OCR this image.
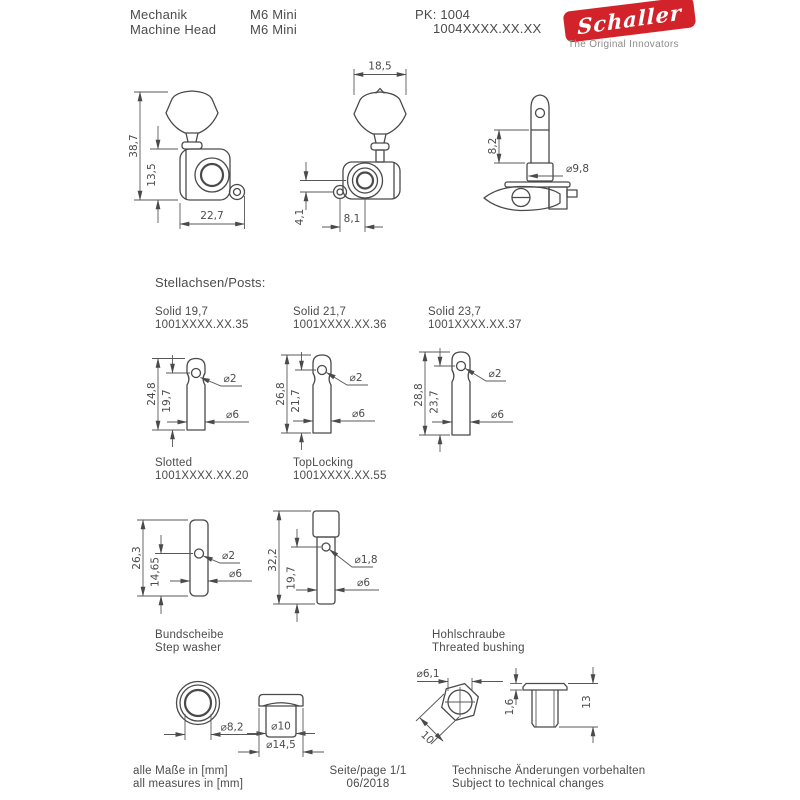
Mechanik
Machine Head
M6 Mini
M6 Mini
PK: 1004
1004XXXX.XX.XX Schaller
The Original Innovators
38,7
13,5
22,7
18,5
4,1	8,1
8,2
⌀9,8
⌀2
24,8 19,7
⌀6
⌀2
26,8 21,7
⌀6
⌀2
28,8 23,7
⌀6
⌀2
26,3 14,65	⌀6
⌀1,8
32,2
19,7	⌀6
⌀8,2	⌀10
⌀14,5
⌀6,1
10
1,6	13
Stellachsen/Posts:
Solid 19,7
1001XXXX.XX.35
Solid 21,7
1001XXXX.XX.36
Solid 23,7
1001XXXX.XX.37
Slotted
1001XXXX.XX.20
TopLocking
1001XXXX.XX.55
Bundscheibe
Step washer
Hohlschraube
Threated bushing
alle Maße in [mm]
all measures in [mm]
Seite/page 1/1
06/2018
Technische Änderungen vorbehalten
Subject to technical changes
